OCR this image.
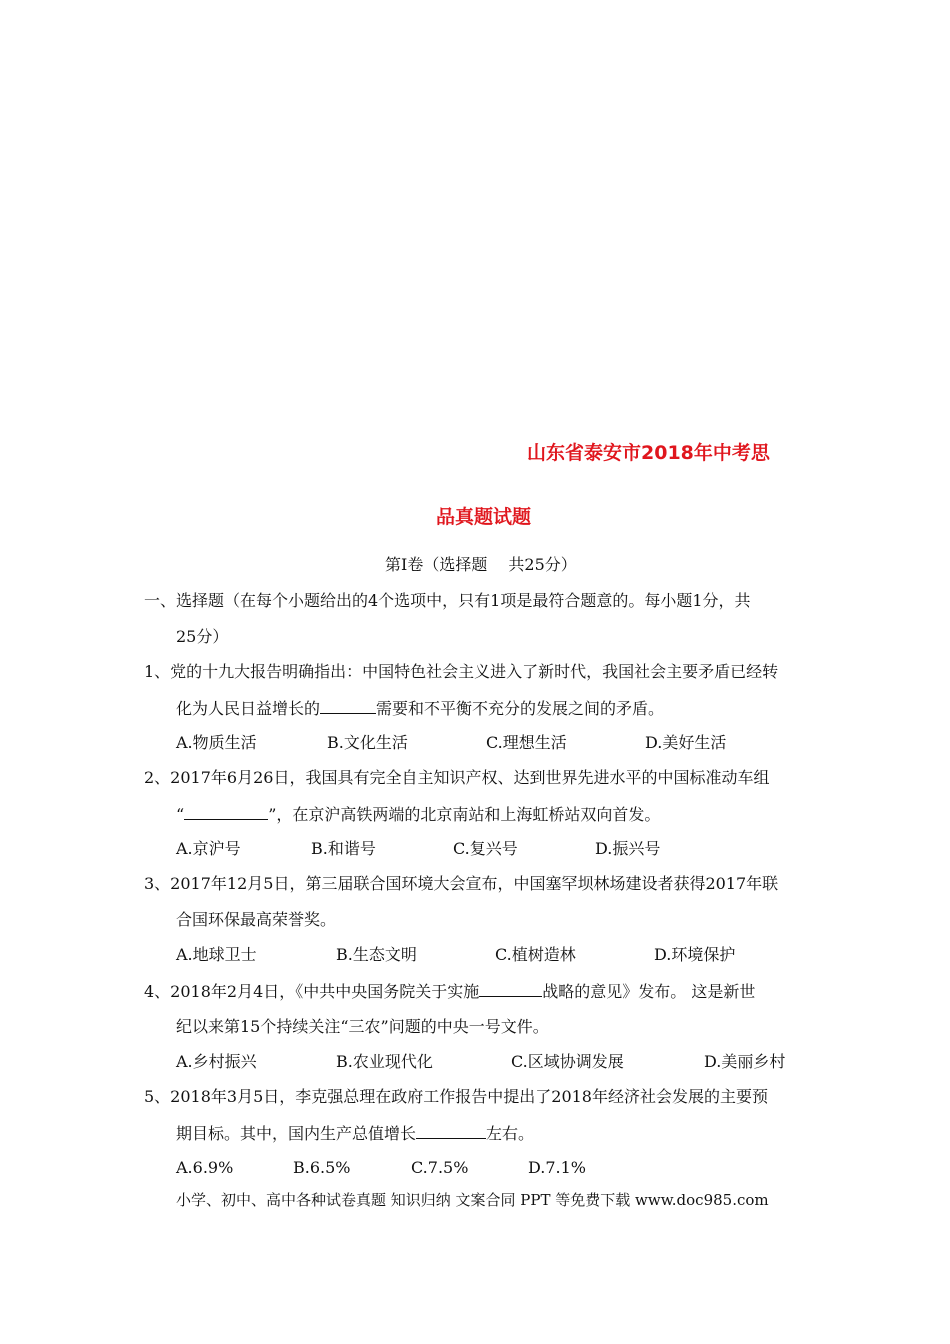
山东省泰安市2018年中考思
品真题试题
第I卷（选择题　 共25分）
一、选择题（在每个小题给出的4个选项中，只有1项是最符合题意的。每小题1分，共
25分）
1、党的十九大报告明确指出：中国特色社会主义进入了新时代，我国社会主要矛盾已经转
化为人民日益增长的	需要和不平衡不充分的发展之间的矛盾。
A.物质生活	B.文化生活	C.理想生活	D.美好生活
2、2017年6月26日，我国具有完全自主知识产权、达到世界先进水平的中国标准动车组
“	”，在京沪高铁两端的北京南站和上海虹桥站双向首发。
A.京沪号	B.和谐号	C.复兴号	D.振兴号
3、2017年12月5日，第三届联合国环境大会宣布，中国塞罕坝林场建设者获得2017年联
合国环保最高荣誉奖。
A.地球卫士	B.生态文明	C.植树造林	D.环境保护
4、2018年2月4日，《中共中央国务院关于实施	战略的意见》发布。 这是新世
纪以来第15个持续关注“三农”问题的中央一号文件。
A.乡村振兴	B.农业现代化	C.区域协调发展	D.美丽乡村
5、2018年3月5日，李克强总理在政府工作报告中提出了2018年经济社会发展的主要预
期目标。其中，国内生产总值增长	左右。
A.6.9%	B.6.5%	C.7.5%	D.7.1%
小学、初中、高中各种试卷真题 知识归纳 文案合同 PPT 等免费下载 www.doc985.com
